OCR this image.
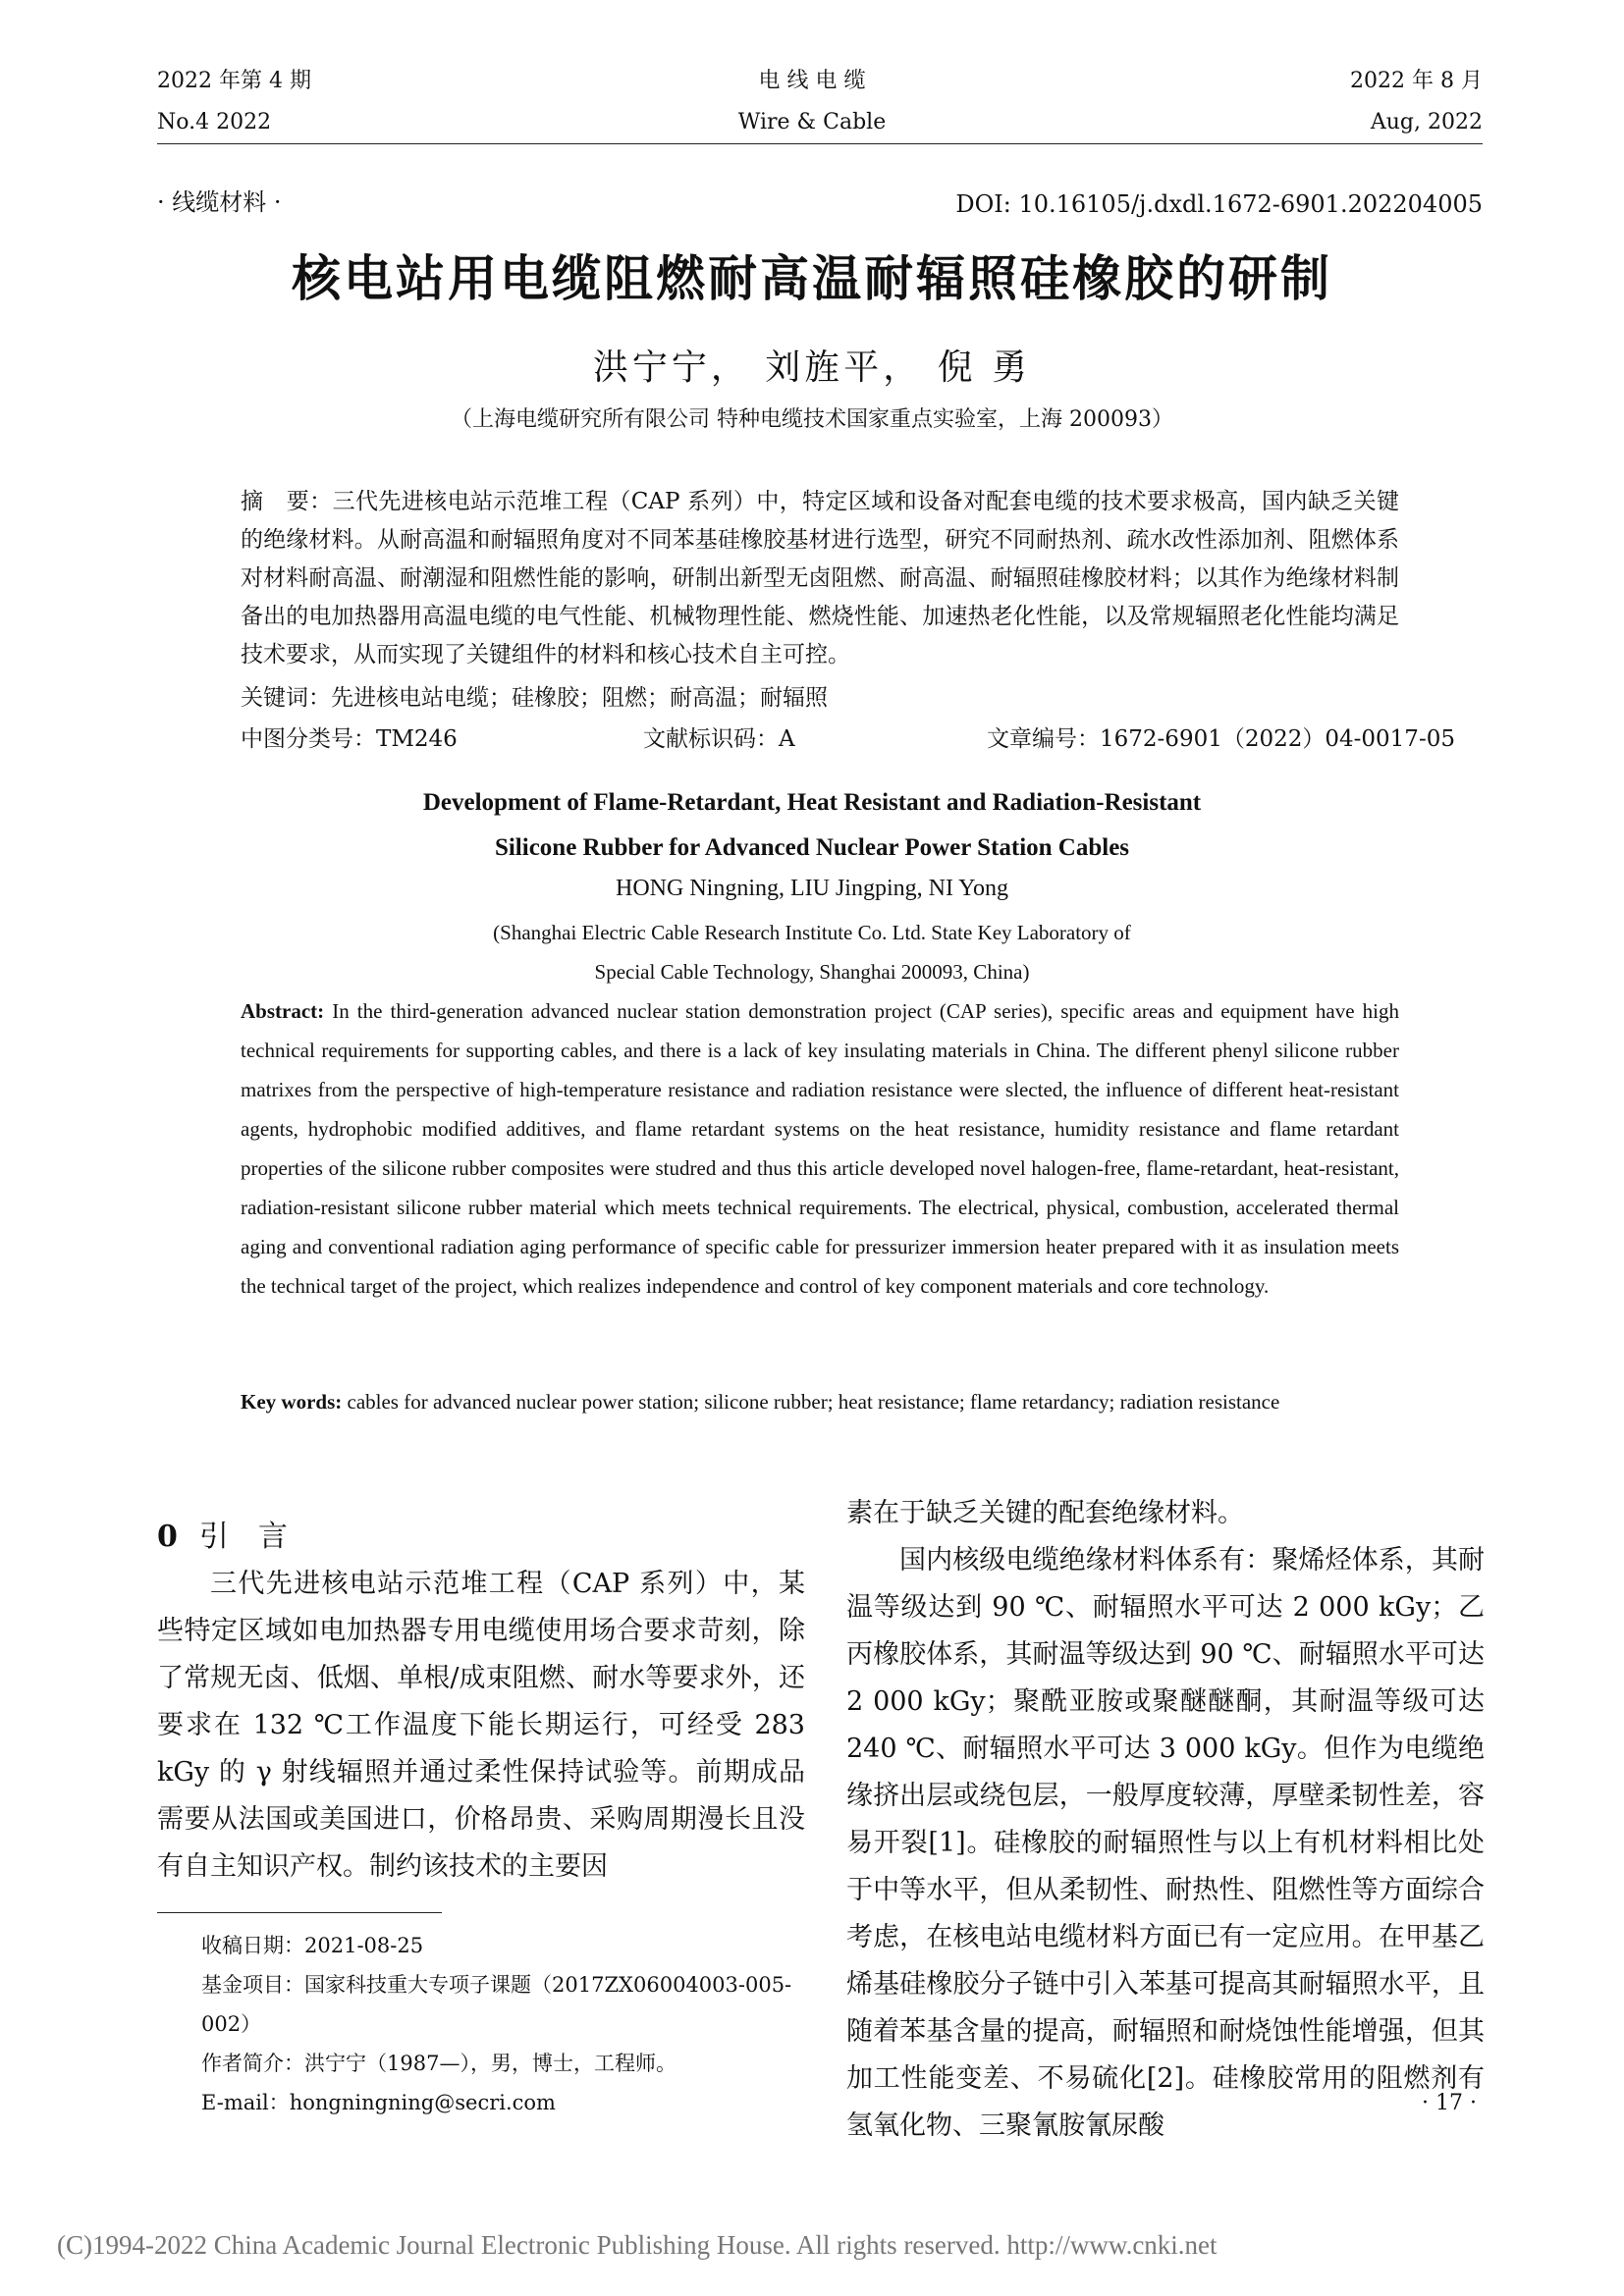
2022 年第 4 期
No.4 2022
电 线 电 缆
Wire & Cable
2022 年 8 月
Aug, 2022
· 线缆材料 ·	DOI: 10.16105/j.dxdl.1672-6901.202204005
核电站用电缆阻燃耐高温耐辐照硅橡胶的研制
洪宁宁， 刘旌平， 倪 勇
（上海电缆研究所有限公司 特种电缆技术国家重点实验室，上海 200093）
摘　要：三代先进核电站示范堆工程（CAP 系列）中，特定区域和设备对配套电缆的技术要求极高，国内缺乏关键的绝缘材料。从耐高温和耐辐照角度对不同苯基硅橡胶基材进行选型，研究不同耐热剂、疏水改性添加剂、阻燃体系对材料耐高温、耐潮湿和阻燃性能的影响，研制出新型无卤阻燃、耐高温、耐辐照硅橡胶材料；以其作为绝缘材料制备出的电加热器用高温电缆的电气性能、机械物理性能、燃烧性能、加速热老化性能，以及常规辐照老化性能均满足技术要求，从而实现了关键组件的材料和核心技术自主可控。
关键词：先进核电站电缆；硅橡胶；阻燃；耐高温；耐辐照
中图分类号：TM246	文献标识码：A	文章编号：1672-6901（2022）04-0017-05
Development of Flame-Retardant, Heat Resistant and Radiation-Resistant
Silicone Rubber for Advanced Nuclear Power Station Cables
HONG Ningning, LIU Jingping, NI Yong
(Shanghai Electric Cable Research Institute Co. Ltd. State Key Laboratory of
Special Cable Technology, Shanghai 200093, China)
Abstract: In the third-generation advanced nuclear station demonstration project (CAP series), specific areas and equipment have high technical requirements for supporting cables, and there is a lack of key insulating materials in China. The different phenyl silicone rubber matrixes from the perspective of high-temperature resistance and radiation resistance were slected, the influence of different heat-resistant agents, hydrophobic modified additives, and flame retardant systems on the heat resistance, humidity resistance and flame retardant properties of the silicone rubber composites were studred and thus this article developed novel halogen-free, flame-retardant, heat-resistant, radiation-resistant silicone rubber material which meets technical requirements. The electrical, physical, combustion, accelerated thermal aging and conventional radiation aging performance of specific cable for pressurizer immersion heater prepared with it as insulation meets the technical target of the project, which realizes independence and control of key component materials and core technology.
Key words: cables for advanced nuclear power station; silicone rubber; heat resistance; flame retardancy; radiation resistance
0 引　言

三代先进核电站示范堆工程（CAP 系列）中，某些特定区域如电加热器专用电缆使用场合要求苛刻，除了常规无卤、低烟、单根/成束阻燃、耐水等要求外，还要求在 132 ℃工作温度下能长期运行，可经受 283 kGy 的 γ 射线辐照并通过柔性保持试验等。前期成品需要从法国或美国进口，价格昂贵、采购周期漫长且没有自主知识产权。制约该技术的主要因

收稿日期：2021-08-25
基金项目：国家科技重大专项子课题（2017ZX06004003-005-002）
作者简介：洪宁宁（1987—），男，博士，工程师。
E-mail：hongningning@secri.com

素在于缺乏关键的配套绝缘材料。

国内核级电缆绝缘材料体系有：聚烯烃体系，其耐温等级达到 90 ℃、耐辐照水平可达 2 000 kGy；乙丙橡胶体系，其耐温等级达到 90 ℃、耐辐照水平可达 2 000 kGy；聚酰亚胺或聚醚醚酮，其耐温等级可达 240 ℃、耐辐照水平可达 3 000 kGy。但作为电缆绝缘挤出层或绕包层，一般厚度较薄，厚壁柔韧性差，容易开裂[1]。硅橡胶的耐辐照性与以上有机材料相比处于中等水平，但从柔韧性、耐热性、阻燃性等方面综合考虑，在核电站电缆材料方面已有一定应用。在甲基乙烯基硅橡胶分子链中引入苯基可提高其耐辐照水平，且随着苯基含量的提高，耐辐照和耐烧蚀性能增强，但其加工性能变差、不易硫化[2]。硅橡胶常用的阻燃剂有氢氧化物、三聚氰胺氰尿酸

· 17 ·
(C)1994-2022 China Academic Journal Electronic Publishing House. All rights reserved. http://www.cnki.net
